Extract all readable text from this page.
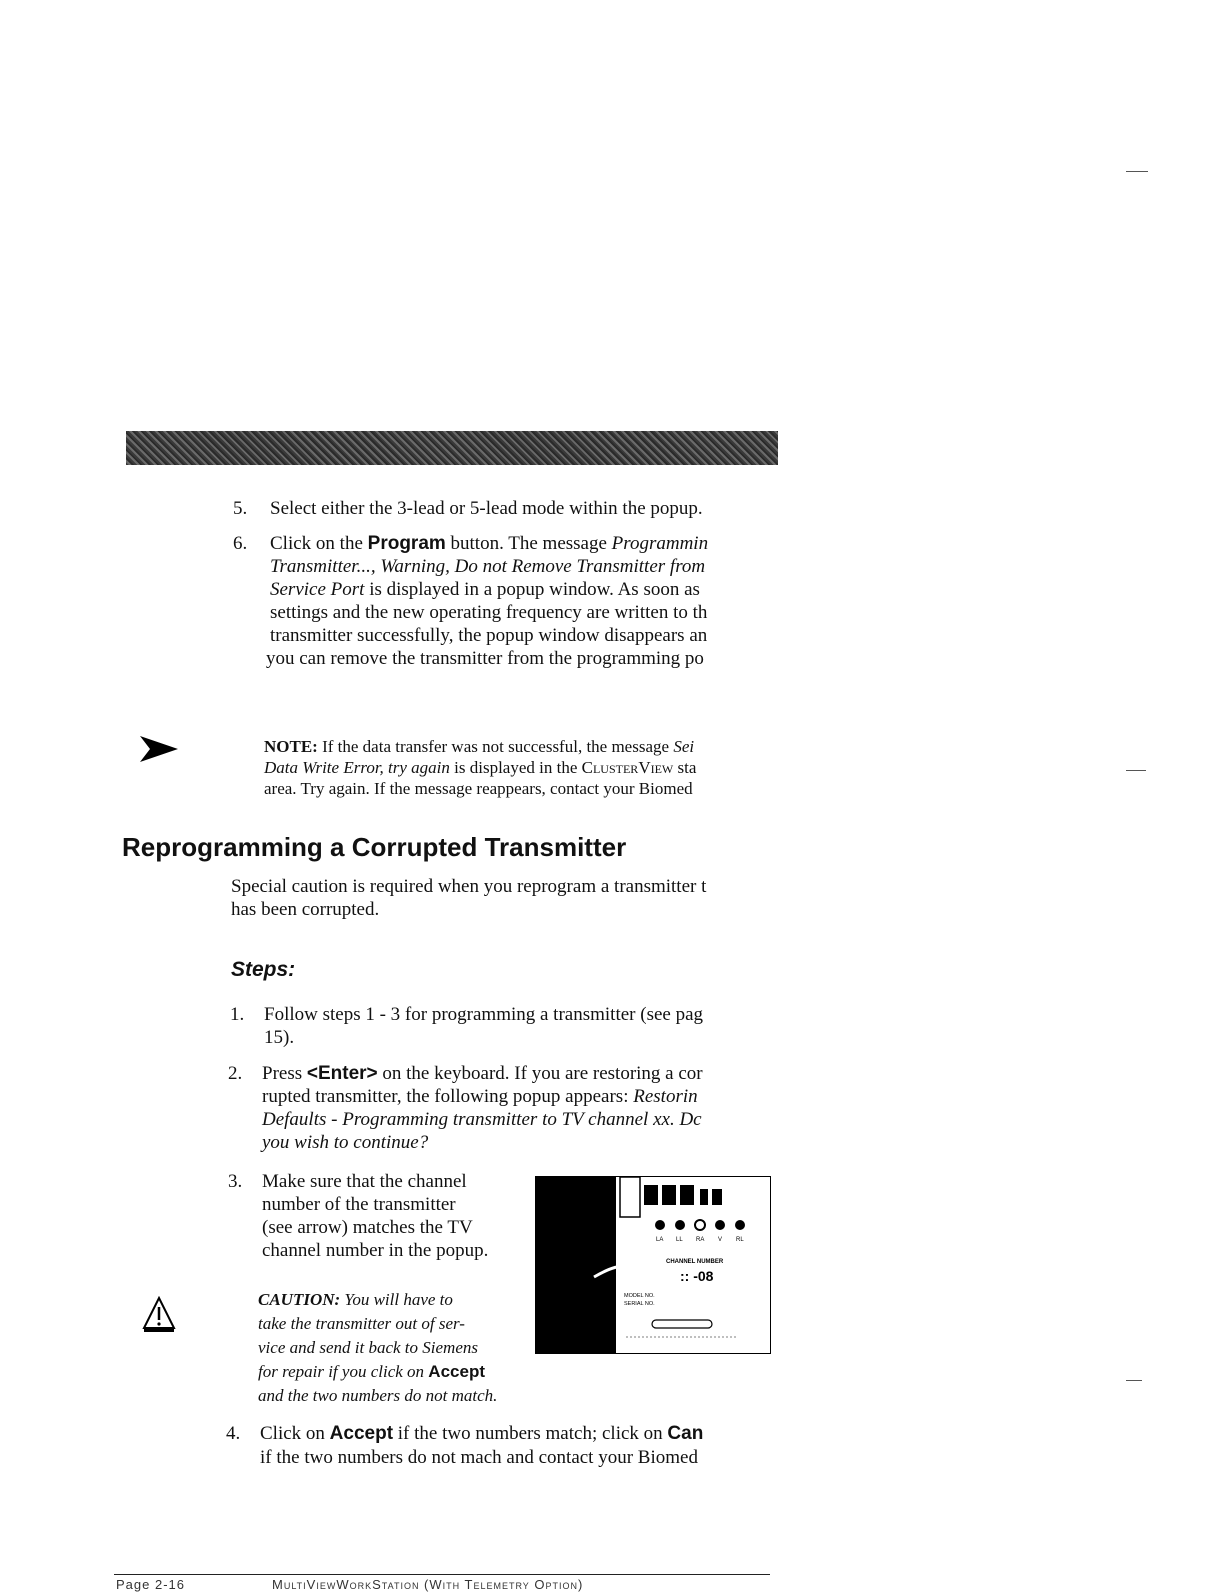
5.	Select either the 3-lead or 5-lead mode within the popup.
6.	Click on the Program button. The message Programmin
Transmitter..., Warning, Do not Remove Transmitter from
Service Port is displayed in a popup window. As soon as
settings and the new operating frequency are written to th
transmitter successfully, the popup window disappears an
you can remove the transmitter from the programming po
NOTE: If the data transfer was not successful, the message Sei
Data Write Error, try again is displayed in the ClusterView sta
area. Try again. If the message reappears, contact your Biomed
Reprogramming a Corrupted Transmitter
Special caution is required when you reprogram a transmitter t
has been corrupted.
Steps:
1.	Follow steps 1 - 3 for programming a transmitter (see pag
15).
2.	Press <Enter> on the keyboard. If you are restoring a cor
rupted transmitter, the following popup appears: Restorin
Defaults - Programming transmitter to TV channel xx. Dc
you wish to continue?
3.	Make sure that the channel
number of the transmitter
(see arrow) matches the TV
channel number in the popup.
CAUTION: You will have to
take the transmitter out of ser-
vice and send it back to Siemens
for repair if you click on Accept
and the two numbers do not match.
LA LL RA V RL
CHANNEL NUMBER
:: -08
MODEL NO.
SERIAL NO.
4.	Click on Accept if the two numbers match; click on Can
if the two numbers do not mach and contact your Biomed
Page 2-16	MultiViewWorkStation (With Telemetry Option)
